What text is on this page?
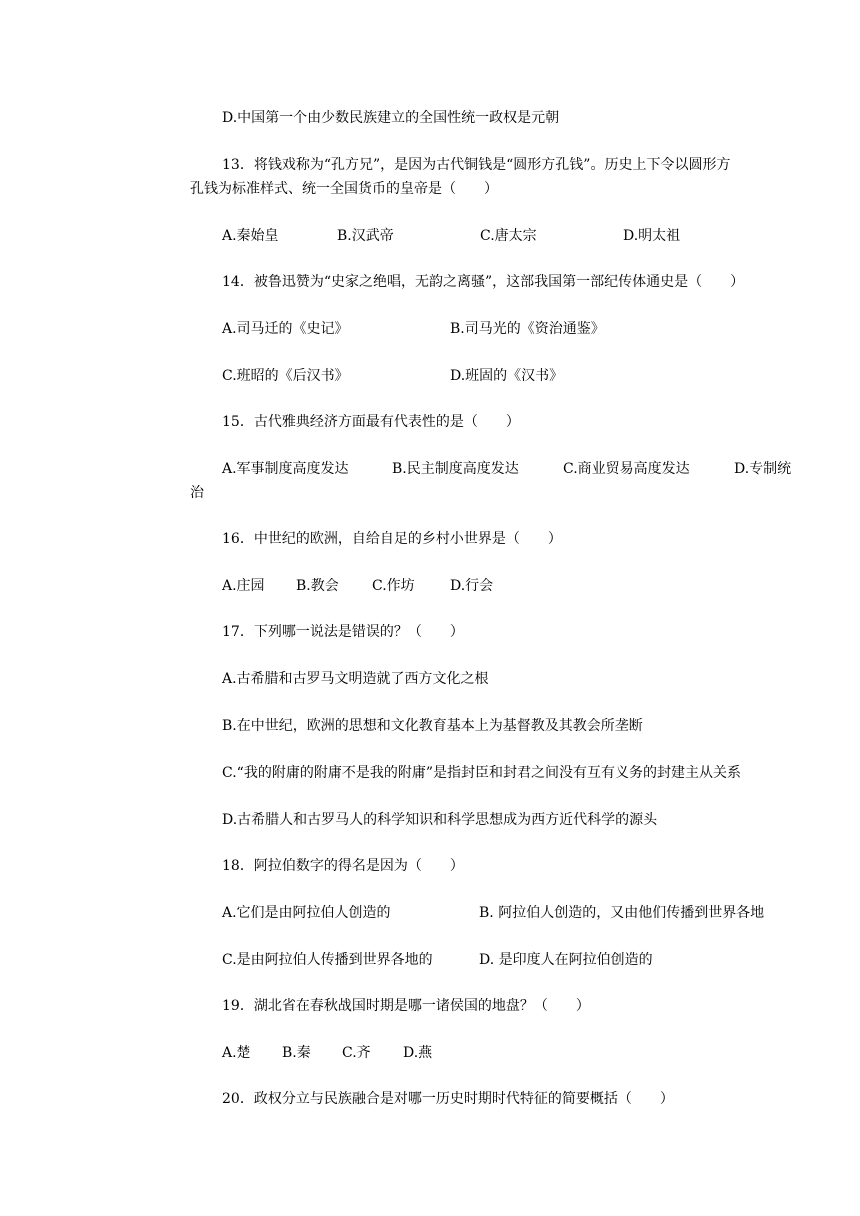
D.中国第一个由少数民族建立的全国性统一政权是元朝
13．将钱戏称为“孔方兄”，是因为古代铜钱是“圆形方孔钱”。历史上下令以圆形方
孔钱为标准样式、统一全国货币的皇帝是（　　）
A.秦始皇	B.汉武帝	C.唐太宗	D.明太祖
14．被鲁迅赞为“史家之绝唱，无韵之离骚”，这部我国第一部纪传体通史是（　　）
A.司马迁的《史记》	B.司马光的《资治通鉴》
C.班昭的《后汉书》	D.班固的《汉书》
15．古代雅典经济方面最有代表性的是（　　）
A.军事制度高度发达	B.民主制度高度发达	C.商业贸易高度发达	D.专制统
治
16．中世纪的欧洲，自给自足的乡村小世界是（　　）
A.庄园	B.教会	C.作坊	D.行会
17．下列哪一说法是错误的？（　　）
A.古希腊和古罗马文明造就了西方文化之根
B.在中世纪，欧洲的思想和文化教育基本上为基督教及其教会所垄断
C.“我的附庸的附庸不是我的附庸”是指封臣和封君之间没有互有义务的封建主从关系
D.古希腊人和古罗马人的科学知识和科学思想成为西方近代科学的源头
18．阿拉伯数字的得名是因为（　　）
A.它们是由阿拉伯人创造的	B. 阿拉伯人创造的，又由他们传播到世界各地
C.是由阿拉伯人传播到世界各地的	D. 是印度人在阿拉伯创造的
19．湖北省在春秋战国时期是哪一诸侯国的地盘？（　　）
A.楚	B.秦	C.齐	D.燕
20．政权分立与民族融合是对哪一历史时期时代特征的简要概括（　　）
